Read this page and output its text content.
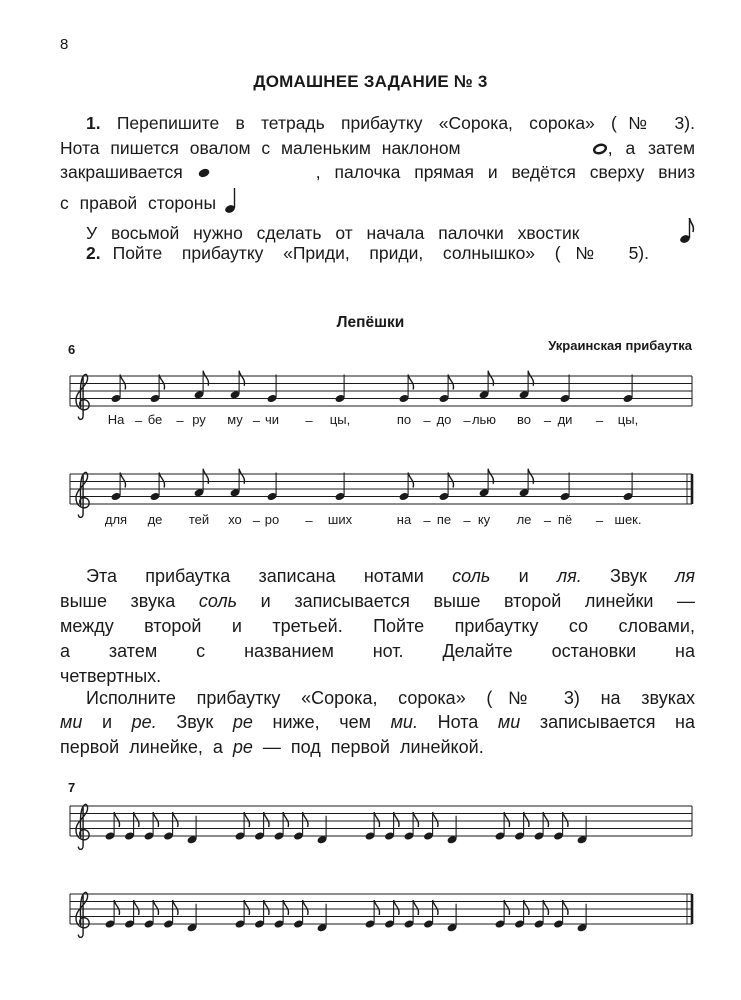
8
ДОМАШНЕЕ ЗАДАНИЕ № 3
1. Перепишите в тетрадь прибаутку «Сорока, сорока» (№ 3).
Нота пишется овалом с маленьким наклоном	, а затем
закрашивается	, палочка прямая и ведётся сверху вниз
с правой стороны
У восьмой нужно сделать от начала палочки хвостик
2. Пойте прибаутку «Приди, приди, солнышко» (№ 5).
Лепёшки
6	Украинская прибаутка
На бе ру му чи	цы,	по до лью во ди	цы,
–	–	–	–	–	–	–	–
для де тей хо ро	ших	на пе ку ле пё	шек.
–	–	–	–	–	–
Эта прибаутка записана нотами соль и ля. Звук ля
выше звука соль и записывается выше второй линейки —
между второй и третьей. Пойте прибаутку со словами,
а затем с названием нот. Делайте остановки на
четвертных.
Исполните прибаутку «Сорока, сорока» (№ 3) на звуках
ми и ре. Звук ре ниже, чем ми. Нота ми записывается на
первой линейке, а ре — под первой линейкой.
7
